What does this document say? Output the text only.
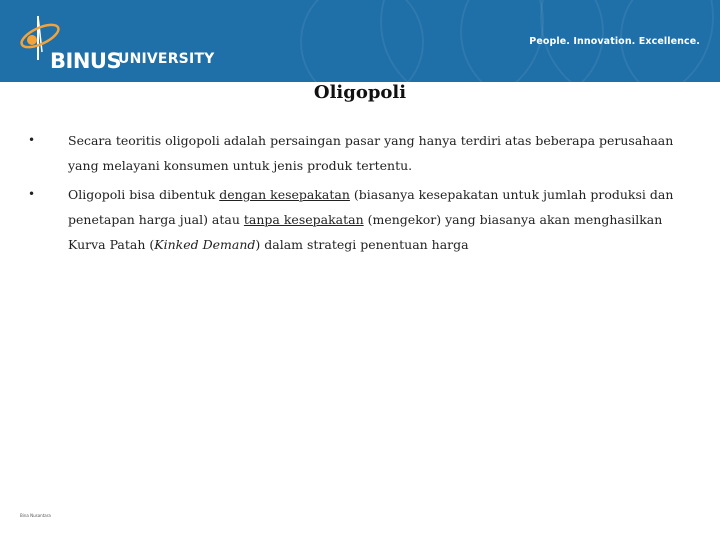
BINUS
UNIVERSITY
People. Innovation. Excellence.
Oligopoli
•	Secara teoritis oligopoli adalah persaingan pasar yang hanya terdiri atas beberapa perusahaan yang melayani konsumen untuk jenis produk tertentu.
•	Oligopoli bisa dibentuk dengan kesepakatan (biasanya kesepakatan untuk jumlah produksi dan penetapan harga jual) atau tanpa kesepakatan (mengekor) yang biasanya akan menghasilkan Kurva Patah (Kinked Demand) dalam strategi penentuan harga
Bina Nusantara
